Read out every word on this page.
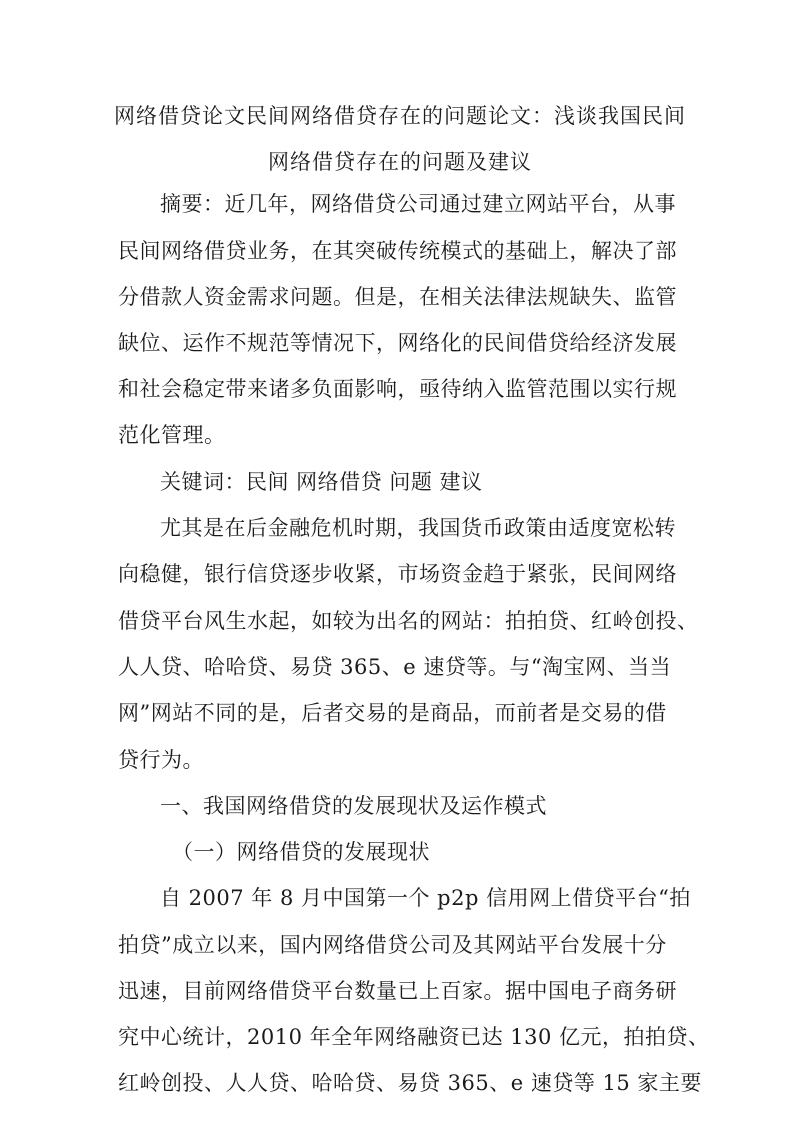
网络借贷论文民间网络借贷存在的问题论文：浅谈我国民间
网络借贷存在的问题及建议
摘要：近几年，网络借贷公司通过建立网站平台，从事
民间网络借贷业务，在其突破传统模式的基础上，解决了部
分借款人资金需求问题。但是，在相关法律法规缺失、监管
缺位、运作不规范等情况下，网络化的民间借贷给经济发展
和社会稳定带来诸多负面影响，亟待纳入监管范围以实行规
范化管理。
关键词：民间 网络借贷 问题 建议
尤其是在后金融危机时期，我国货币政策由适度宽松转
向稳健，银行信贷逐步收紧，市场资金趋于紧张，民间网络
借贷平台风生水起，如较为出名的网站：拍拍贷、红岭创投、
人人贷、哈哈贷、易贷 365、e 速贷等。与“淘宝网、当当
网”网站不同的是，后者交易的是商品，而前者是交易的借
贷行为。
一、我国网络借贷的发展现状及运作模式
（一）网络借贷的发展现状
自 2007 年 8 月中国第一个 p2p 信用网上借贷平台“拍
拍贷”成立以来，国内网络借贷公司及其网站平台发展十分
迅速，目前网络借贷平台数量已上百家。据中国电子商务研
究中心统计，2010 年全年网络融资已达 130 亿元，拍拍贷、
红岭创投、人人贷、哈哈贷、易贷 365、e 速贷等 15 家主要
